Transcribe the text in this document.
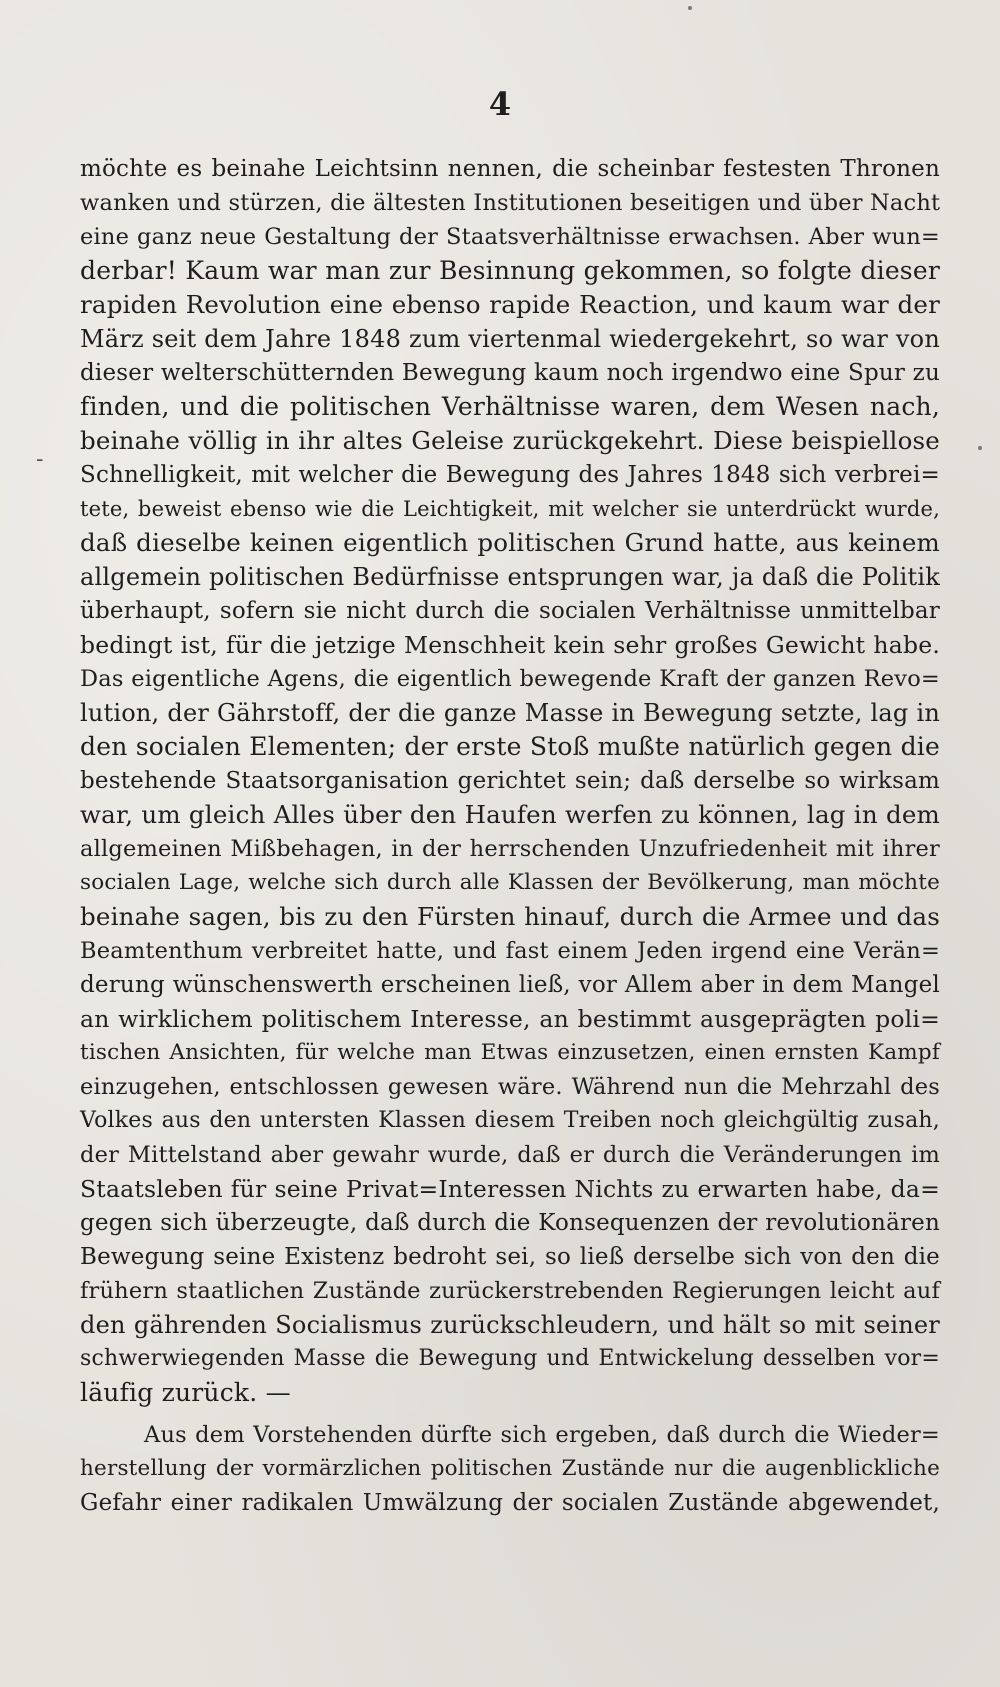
4
-
möchte es beinahe Leichtsinn nennen, die scheinbar festesten Thronen
wanken und stürzen, die ältesten Institutionen beseitigen und über Nacht
eine ganz neue Gestaltung der Staatsverhältnisse erwachsen. Aber wun=
derbar! Kaum war man zur Besinnung gekommen, so folgte dieser
rapiden Revolution eine ebenso rapide Reaction, und kaum war der
März seit dem Jahre 1848 zum viertenmal wiedergekehrt, so war von
dieser welterschütternden Bewegung kaum noch irgendwo eine Spur zu
finden, und die politischen Verhältnisse waren, dem Wesen nach,
beinahe völlig in ihr altes Geleise zurückgekehrt. Diese beispiellose
Schnelligkeit, mit welcher die Bewegung des Jahres 1848 sich verbrei=
tete, beweist ebenso wie die Leichtigkeit, mit welcher sie unterdrückt wurde,
daß dieselbe keinen eigentlich politischen Grund hatte, aus keinem
allgemein politischen Bedürfnisse entsprungen war, ja daß die Politik
überhaupt, sofern sie nicht durch die socialen Verhältnisse unmittelbar
bedingt ist, für die jetzige Menschheit kein sehr großes Gewicht habe.
Das eigentliche Agens, die eigentlich bewegende Kraft der ganzen Revo=
lution, der Gährstoff, der die ganze Masse in Bewegung setzte, lag in
den socialen Elementen; der erste Stoß mußte natürlich gegen die
bestehende Staatsorganisation gerichtet sein; daß derselbe so wirksam
war, um gleich Alles über den Haufen werfen zu können, lag in dem
allgemeinen Mißbehagen, in der herrschenden Unzufriedenheit mit ihrer
socialen Lage, welche sich durch alle Klassen der Bevölkerung, man möchte
beinahe sagen, bis zu den Fürsten hinauf, durch die Armee und das
Beamtenthum verbreitet hatte, und fast einem Jeden irgend eine Verän=
derung wünschenswerth erscheinen ließ, vor Allem aber in dem Mangel
an wirklichem politischem Interesse, an bestimmt ausgeprägten poli=
tischen Ansichten, für welche man Etwas einzusetzen, einen ernsten Kampf
einzugehen, entschlossen gewesen wäre. Während nun die Mehrzahl des
Volkes aus den untersten Klassen diesem Treiben noch gleichgültig zusah,
der Mittelstand aber gewahr wurde, daß er durch die Veränderungen im
Staatsleben für seine Privat=Interessen Nichts zu erwarten habe, da=
gegen sich überzeugte, daß durch die Konsequenzen der revolutionären
Bewegung seine Existenz bedroht sei, so ließ derselbe sich von den die
frühern staatlichen Zustände zurückerstrebenden Regierungen leicht auf
den gährenden Socialismus zurückschleudern, und hält so mit seiner
schwerwiegenden Masse die Bewegung und Entwickelung desselben vor=
läufig zurück. —
Aus dem Vorstehenden dürfte sich ergeben, daß durch die Wieder=
herstellung der vormärzlichen politischen Zustände nur die augenblickliche
Gefahr einer radikalen Umwälzung der socialen Zustände abgewendet,
